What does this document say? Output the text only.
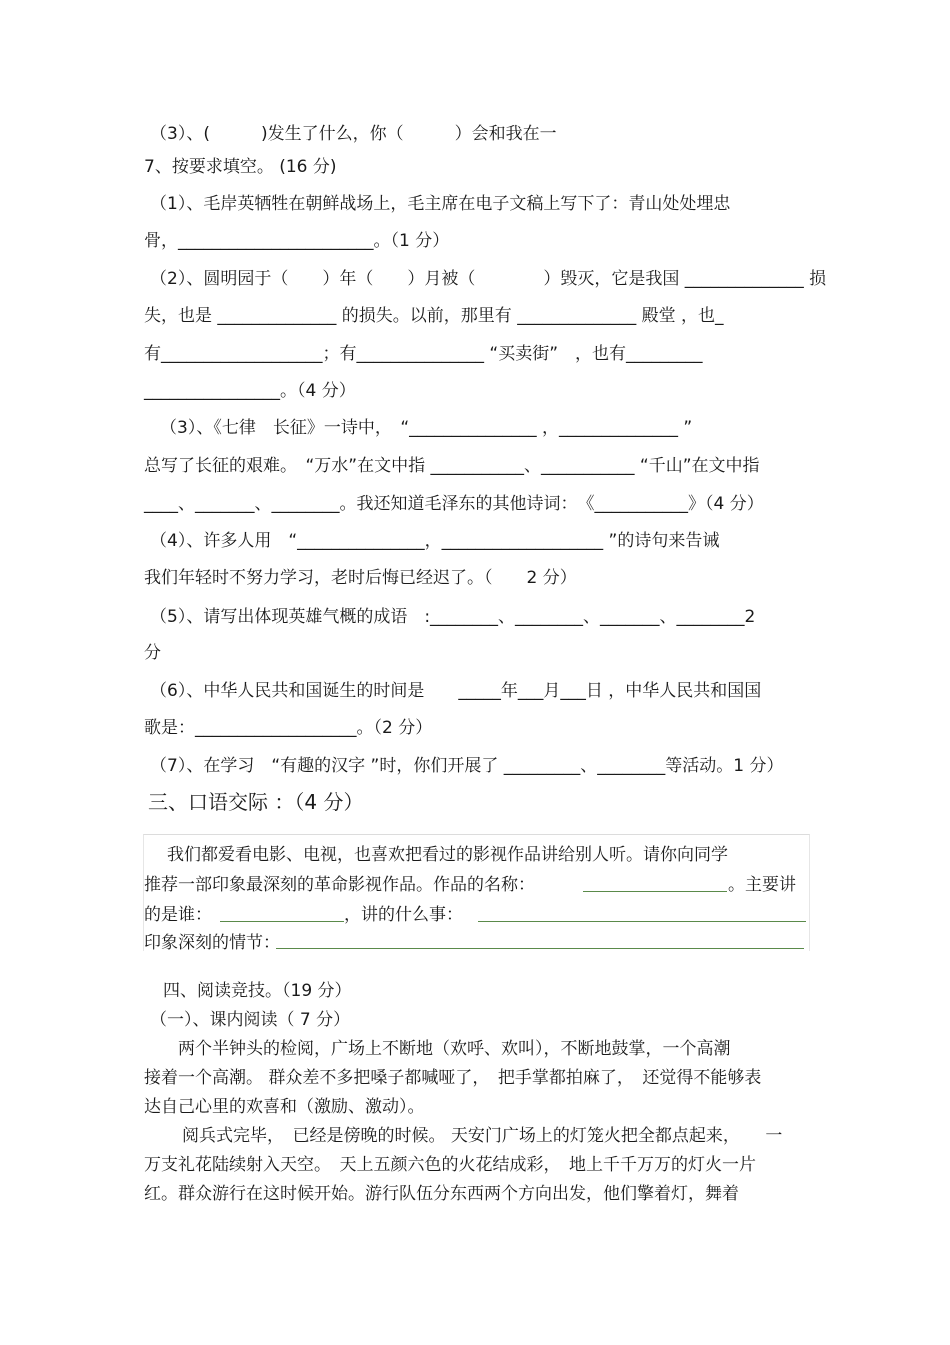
（3）、(　　　)发生了什么，你（　　　）会和我在一
7、按要求填空。 (16 分)
（1）、毛岸英牺牲在朝鲜战场上，毛主席在电子文稿上写下了：青山处处埋忠
骨，_______________________。（1 分）
（2）、圆明园于（　　）年（　　）月被（　　　　）毁灭，它是我国 ______________ 损
失，也是 ______________ 的损失。以前，那里有 ______________ 殿堂 ，也_
有___________________；有_______________ “买卖街”　，也有_________
________________。（4 分）
（3）、《七律　长征》一诗中，　“_______________ ，______________ ”
总写了长征的艰难。　“万水”在文中指 ___________、___________ “千山”在文中指
____、_______、________。我还知道毛泽东的其他诗词：　《___________》（4 分）
（4）、许多人用　“_______________，___________________ ”的诗句来告诫
我们年轻时不努力学习，老时后悔已经迟了。（　　2 分）
（5）、请写出体现英雄气概的成语　:________、________、_______、________2
分
（6）、中华人民共和国诞生的时间是　　_____年___月___日 ，中华人民共和国国
歌是：___________________。（2 分）
（7）、在学习　“有趣的汉字 ”时，你们开展了 _________、________等活动。1 分）
三、口语交际 ：（4 分）
　我们都爱看电影、电视，也喜欢把看过的影视作品讲给别人听。请你向同学
推荐一部印象最深刻的革命影视作品。作品的名称：	。主要讲
的是谁：	，讲的什么事：
印象深刻的情节：
四、阅读竞技。（19 分）
（一）、课内阅读（ 7 分）
两个半钟头的检阅，广场上不断地（欢呼、欢叫），不断地鼓掌，一个高潮
接着一个高潮。 群众差不多把嗓子都喊哑了，　把手掌都拍麻了，　还觉得不能够表
达自己心里的欢喜和（激励、激动）。
阅兵式完毕，　已经是傍晚的时候。 天安门广场上的灯笼火把全都点起来，　　一
万支礼花陆续射入天空。　天上五颜六色的火花结成彩，　地上千千万万的灯火一片
红。群众游行在这时候开始。游行队伍分东西两个方向出发，他们擎着灯，舞着
